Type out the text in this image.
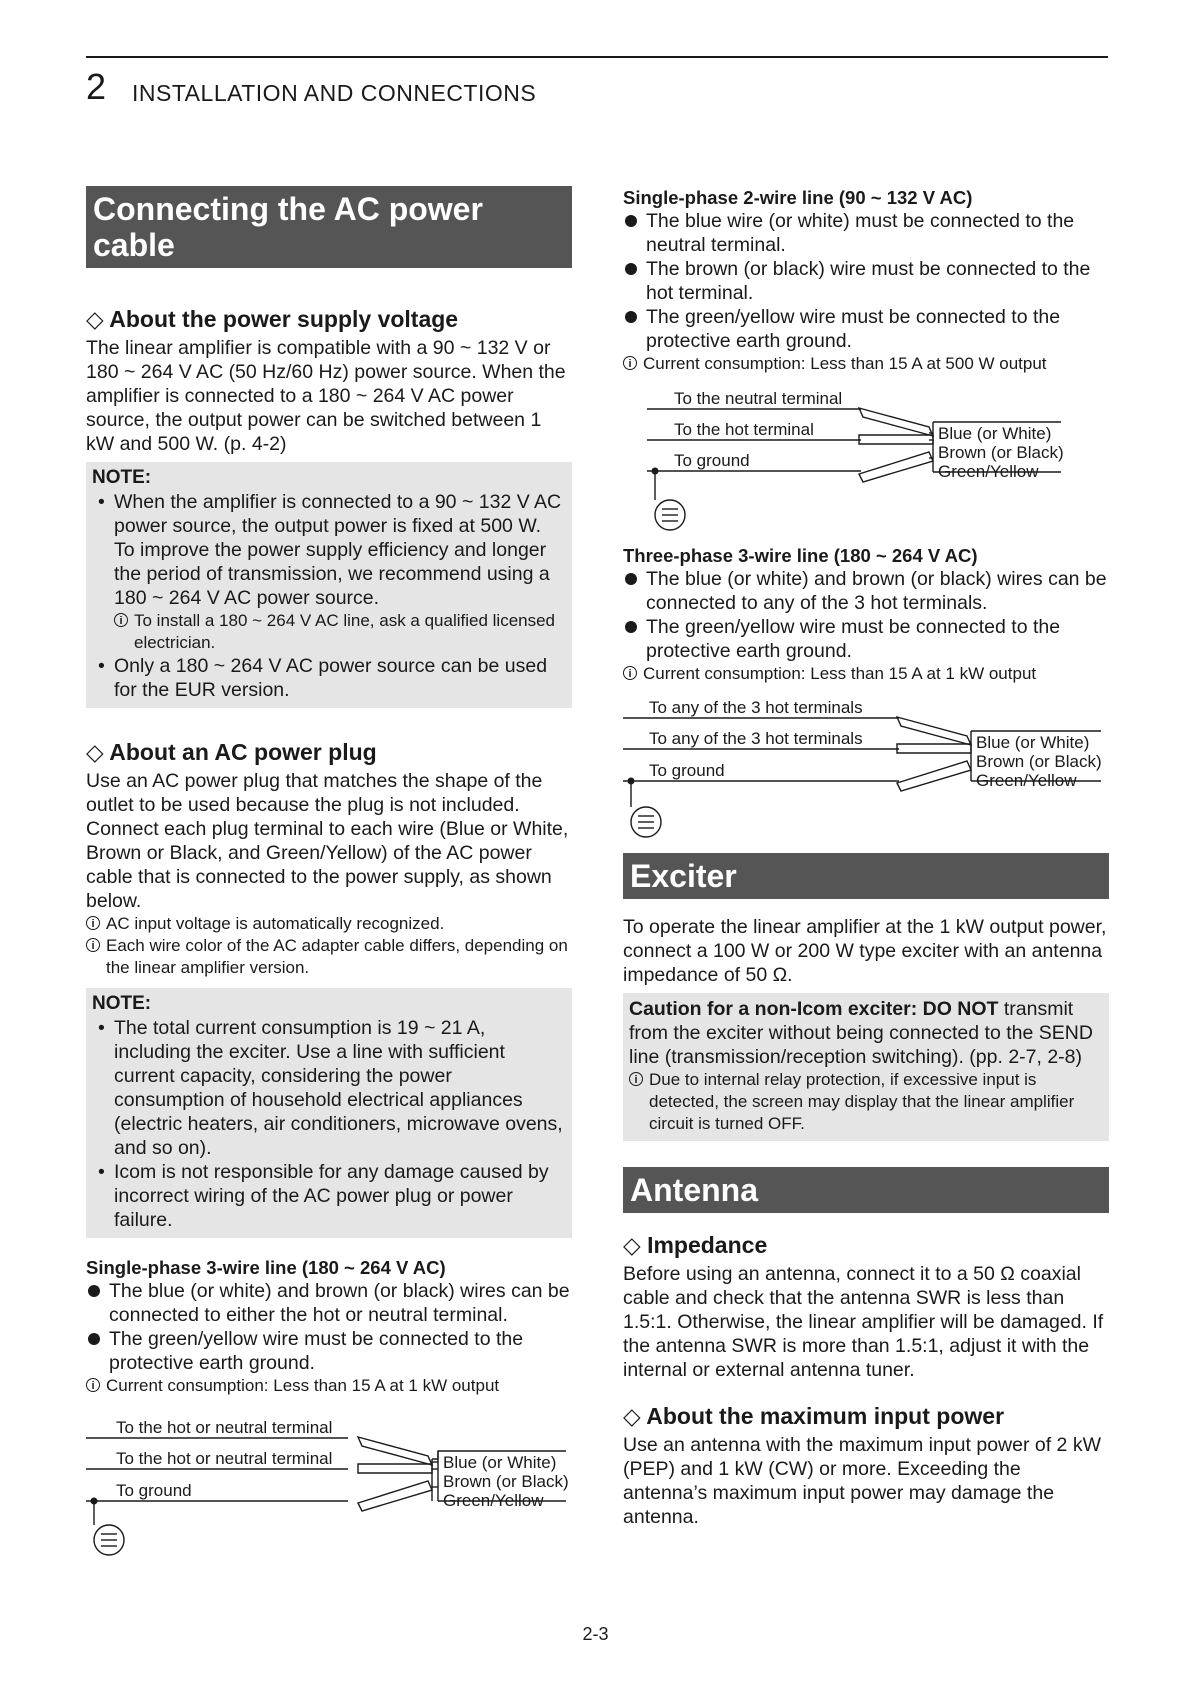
2 INSTALLATION AND CONNECTIONS
Connecting the AC power cable
◇ About the power supply voltage

The linear amplifier is compatible with a 90 ~ 132 V or 180 ~ 264 V AC (50 Hz/60 Hz) power source. When the amplifier is connected to a 180 ~ 264 V AC power source, the output power can be switched between 1 kW and 500 W. (p. 4-2)

NOTE:
• When the amplifier is connected to a 90 ~ 132 V AC power source, the output power is fixed at 500 W. To improve the power supply efficiency and longer the period of transmission, we recommend using a 180 ~ 264 V AC power source.
i To install a 180 ~ 264 V AC line, ask a qualified licensed electrician.
• Only a 180 ~ 264 V AC power source can be used for the EUR version.
◇ About an AC power plug

Use an AC power plug that matches the shape of the outlet to be used because the plug is not included. Connect each plug terminal to each wire (Blue or White, Brown or Black, and Green/Yellow) of the AC power cable that is connected to the power supply, as shown below.

i AC input voltage is automatically recognized.
i Each wire color of the AC adapter cable differs, depending on the linear amplifier version.
NOTE:
• The total current consumption is 19 ~ 21 A, including the exciter. Use a line with sufficient current capacity, considering the power consumption of household electrical appliances (electric heaters, air conditioners, microwave ovens, and so on).
• Icom is not responsible for any damage caused by incorrect wiring of the AC power plug or power failure.
Single-phase 3-wire line (180 ~ 264 V AC)
The blue (or white) and brown (or black) wires can be connected to either the hot or neutral terminal.
The green/yellow wire must be connected to the protective earth ground.
i Current consumption: Less than 15 A at 1 kW output
To the hot or neutral terminal
To the hot or neutral terminal
To ground
Blue (or White)
Brown (or Black)
Green/Yellow
Single-phase 2-wire line (90 ~ 132 V AC)
The blue wire (or white) must be connected to the neutral terminal.
The brown (or black) wire must be connected to the hot terminal.
The green/yellow wire must be connected to the protective earth ground.
i Current consumption: Less than 15 A at 500 W output
To the neutral terminal
To the hot terminal
To ground
Blue (or White)
Brown (or Black)
Green/Yellow
Three-phase 3-wire line (180 ~ 264 V AC)
The blue (or white) and brown (or black) wires can be connected to any of the 3 hot terminals.
The green/yellow wire must be connected to the protective earth ground.
i Current consumption: Less than 15 A at 1 kW output
To any of the 3 hot terminals
To any of the 3 hot terminals
To ground
Blue (or White)
Brown (or Black)
Green/Yellow
Exciter

To operate the linear amplifier at the 1 kW output power, connect a 100 W or 200 W type exciter with an antenna impedance of 50 Ω.

Caution for a non-Icom exciter: DO NOT transmit from the exciter without being connected to the SEND line (transmission/reception switching). (pp. 2-7, 2-8)

i Due to internal relay protection, if excessive input is detected, the screen may display that the linear amplifier circuit is turned OFF.
Antenna
◇ Impedance

Before using an antenna, connect it to a 50 Ω coaxial cable and check that the antenna SWR is less than 1.5:1. Otherwise, the linear amplifier will be damaged. If the antenna SWR is more than 1.5:1, adjust it with the internal or external antenna tuner.

◇ About the maximum input power

Use an antenna with the maximum input power of 2 kW (PEP) and 1 kW (CW) or more. Exceeding the antenna’s maximum input power may damage the antenna.

2-3
